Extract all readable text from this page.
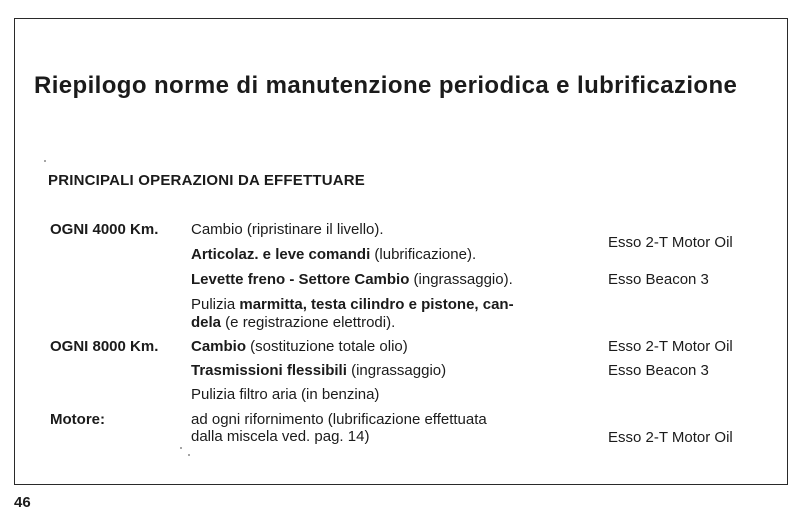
Riepilogo norme di manutenzione periodica e lubrificazione
PRINCIPALI OPERAZIONI DA EFFETTUARE
OGNI 4000 Km. Cambio (ripristinare il livello).
Articolaz. e leve comandi (lubrificazione).
Levette freno - Settore Cambio (ingrassaggio).
Pulizia marmitta, testa cilindro e pistone, can-
dela (e registrazione elettrodi).
Esso 2-T Motor Oil
Esso Beacon 3
OGNI 8000 Km. Cambio (sostituzione totale olio)
Trasmissioni flessibili (ingrassaggio)
Pulizia filtro aria (in benzina)
Esso 2-T Motor Oil
Esso Beacon 3
Motore:	ad ogni rifornimento (lubrificazione effettuata
dalla miscela ved. pag. 14)	Esso 2-T Motor Oil
46
